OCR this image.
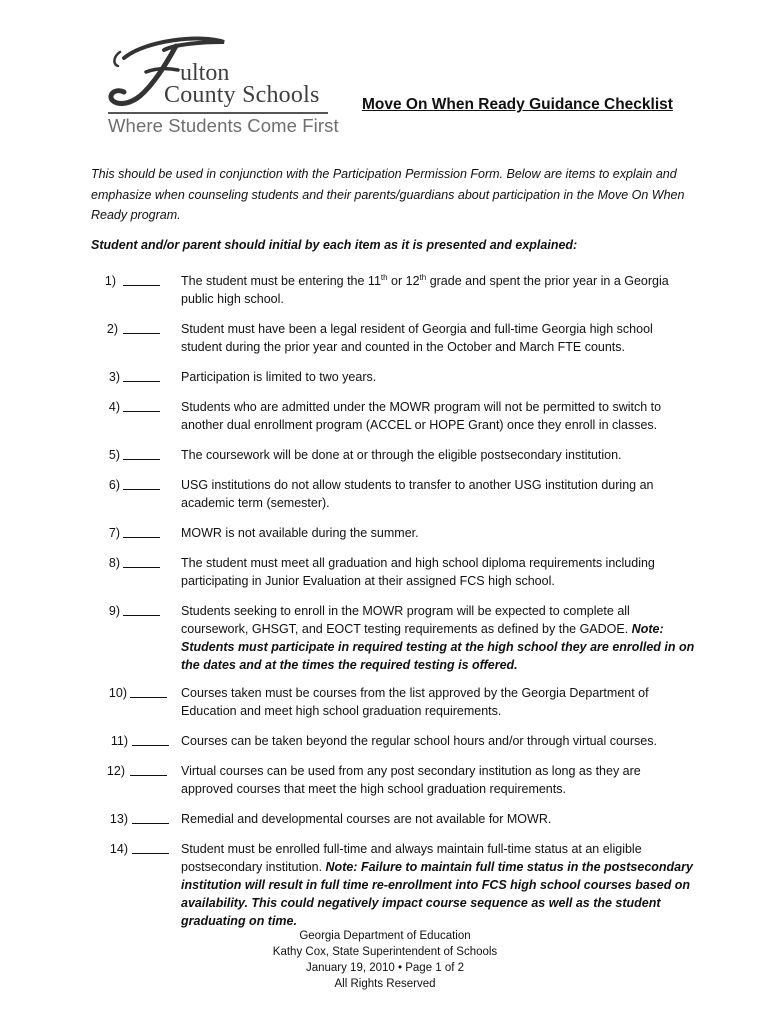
ulton
County Schools
Where Students Come First
Move On When Ready Guidance Checklist
This should be used in conjunction with the Participation Permission Form. Below are items to explain and emphasize when counseling students and their parents/guardians about participation in the Move On When Ready program.
Student and/or parent should initial by each item as it is presented and explained:
1)	The student must be entering the 11th or 12th grade and spent the prior year in a Georgia public high school.
2)	Student must have been a legal resident of Georgia and full-time Georgia high school student during the prior year and counted in the October and March FTE counts.
3)	Participation is limited to two years.
4)	Students who are admitted under the MOWR program will not be permitted to switch to another dual enrollment program (ACCEL or HOPE Grant) once they enroll in classes.
5)	The coursework will be done at or through the eligible postsecondary institution.
6)	USG institutions do not allow students to transfer to another USG institution during an academic term (semester).
7)	MOWR is not available during the summer.
8)	The student must meet all graduation and high school diploma requirements including participating in Junior Evaluation at their assigned FCS high school.
9)	Students seeking to enroll in the MOWR program will be expected to complete all coursework, GHSGT, and EOCT testing requirements as defined by the GADOE. Note: Students must participate in required testing at the high school they are enrolled in on the dates and at the times the required testing is offered.
10)	Courses taken must be courses from the list approved by the Georgia Department of Education and meet high school graduation requirements.
11)	Courses can be taken beyond the regular school hours and/or through virtual courses.
12)	Virtual courses can be used from any post secondary institution as long as they are approved courses that meet the high school graduation requirements.
13)	Remedial and developmental courses are not available for MOWR.
14)	Student must be enrolled full-time and always maintain full-time status at an eligible postsecondary institution. Note: Failure to maintain full time status in the postsecondary institution will result in full time re-enrollment into FCS high school courses based on availability. This could negatively impact course sequence as well as the student graduating on time.
Georgia Department of Education
Kathy Cox, State Superintendent of Schools
January 19, 2010 • Page 1 of 2
All Rights Reserved
